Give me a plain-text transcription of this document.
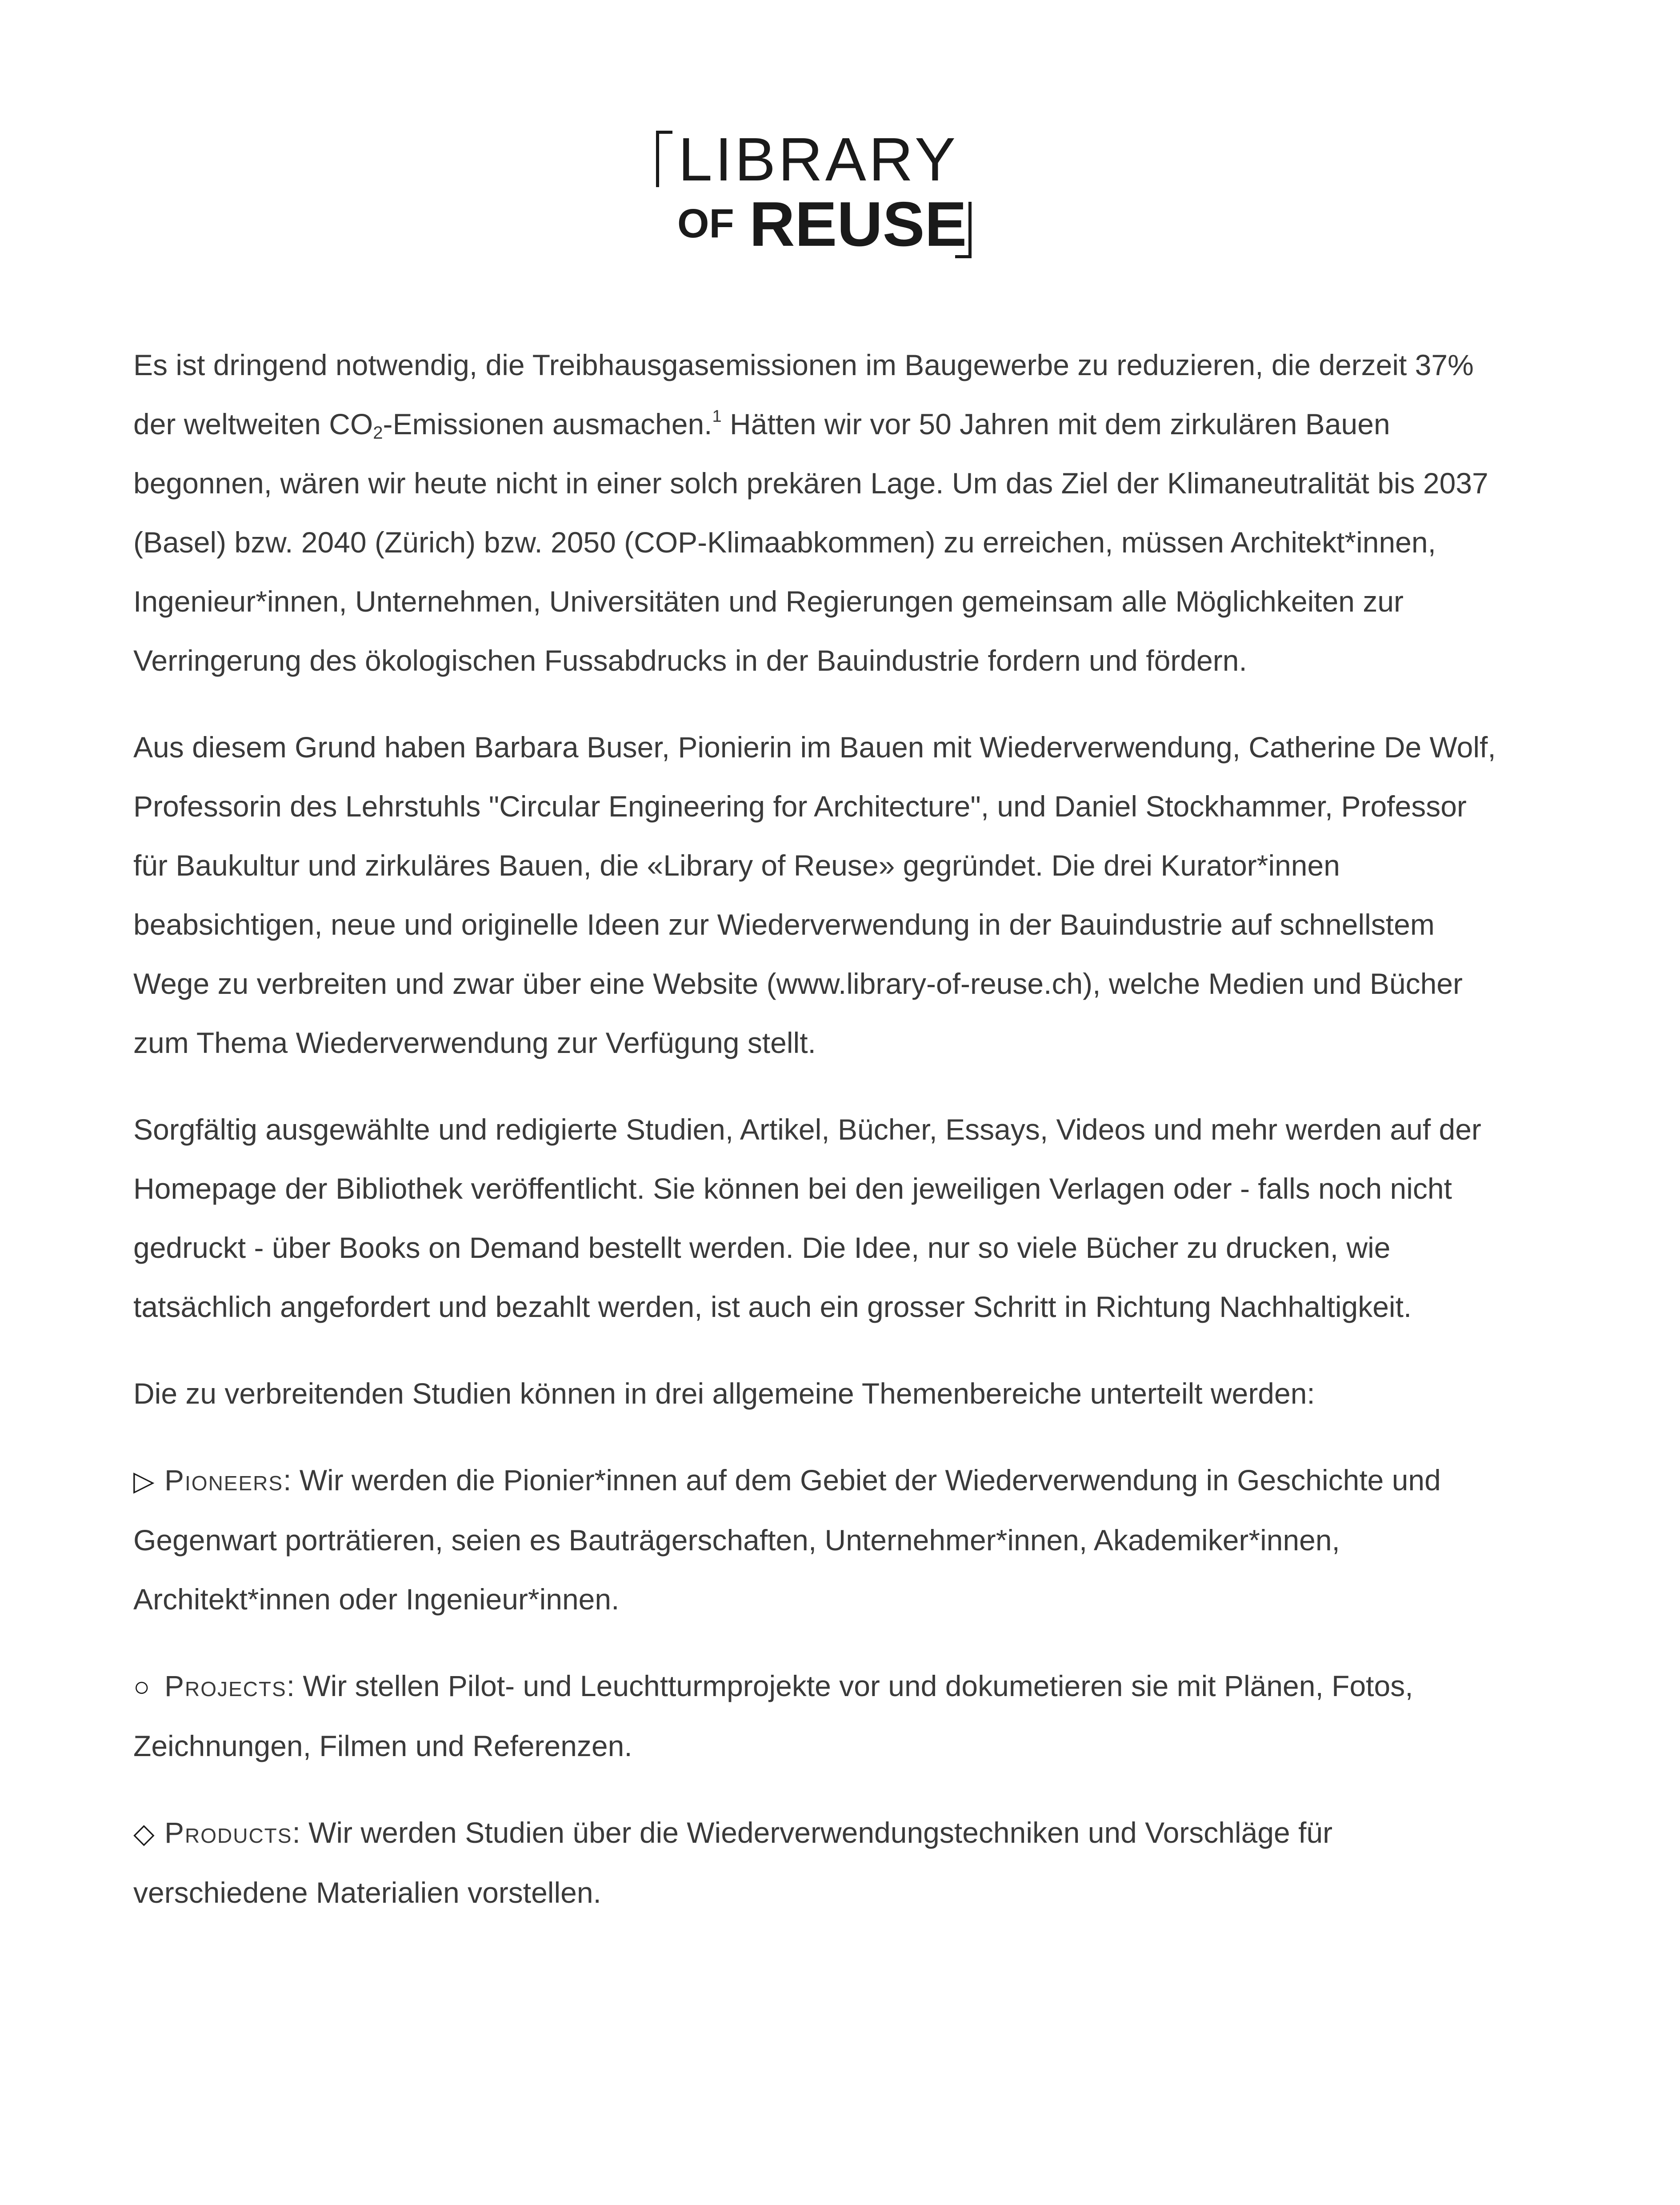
LIBRARY
OF REUSE

Es ist dringend notwendig, die Treibhausgasemissionen im Baugewerbe zu reduzieren, die derzeit 37% der weltweiten $CO_2$-Emissionen ausmachen.$^1$ Hätten wir vor 50 Jahren mit dem zirkulären Bauen begonnen, wären wir heute nicht in einer solch prekären Lage. Um das Ziel der Klimaneutralität bis 2037 (Basel) bzw. 2040 (Zürich) bzw. 2050 (COP-Klimaabkommen) zu erreichen, müssen Architekt*innen, Ingenieur*innen, Unternehmen, Universitäten und Regierungen gemeinsam alle Möglichkeiten zur Verringerung des ökologischen Fussabdrucks in der Bauindustrie fordern und fördern.

Aus diesem Grund haben Barbara Buser, Pionierin im Bauen mit Wiederverwendung, Catherine De Wolf, Professorin des Lehrstuhls "Circular Engineering for Architecture", und Daniel Stockhammer, Professor für Baukultur und zirkuläres Bauen, die «Library of Reuse» gegründet. Die drei Kurator*innen beabsichtigen, neue und originelle Ideen zur Wiederverwendung in der Bauindustrie auf schnellstem Wege zu verbreiten und zwar über eine Website (www.library-of-reuse.ch), welche Medien und Bücher zum Thema Wiederverwendung zur Verfügung stellt.

Sorgfältig ausgewählte und redigierte Studien, Artikel, Bücher, Essays, Videos und mehr werden auf der Homepage der Bibliothek veröffentlicht. Sie können bei den jeweiligen Verlagen oder - falls noch nicht gedruckt - über Books on Demand bestellt werden. Die Idee, nur so viele Bücher zu drucken, wie tatsächlich angefordert und bezahlt werden, ist auch ein grosser Schritt in Richtung Nachhaltigkeit.

Die zu verbreitenden Studien können in drei allgemeine Themenbereiche unterteilt werden:

▷ Pioneers: Wir werden die Pionier*innen auf dem Gebiet der Wiederverwendung in Geschichte und Gegenwart porträtieren, seien es Bauträgerschaften, Unternehmer*innen, Akademiker*innen, Architekt*innen oder Ingenieur*innen.

○ Projects: Wir stellen Pilot- und Leuchtturmprojekte vor und dokumetieren sie mit Plänen, Fotos, Zeichnungen, Filmen und Referenzen.

◇ Products: Wir werden Studien über die Wiederverwendungstechniken und Vorschläge für verschiedene Materialien vorstellen.
